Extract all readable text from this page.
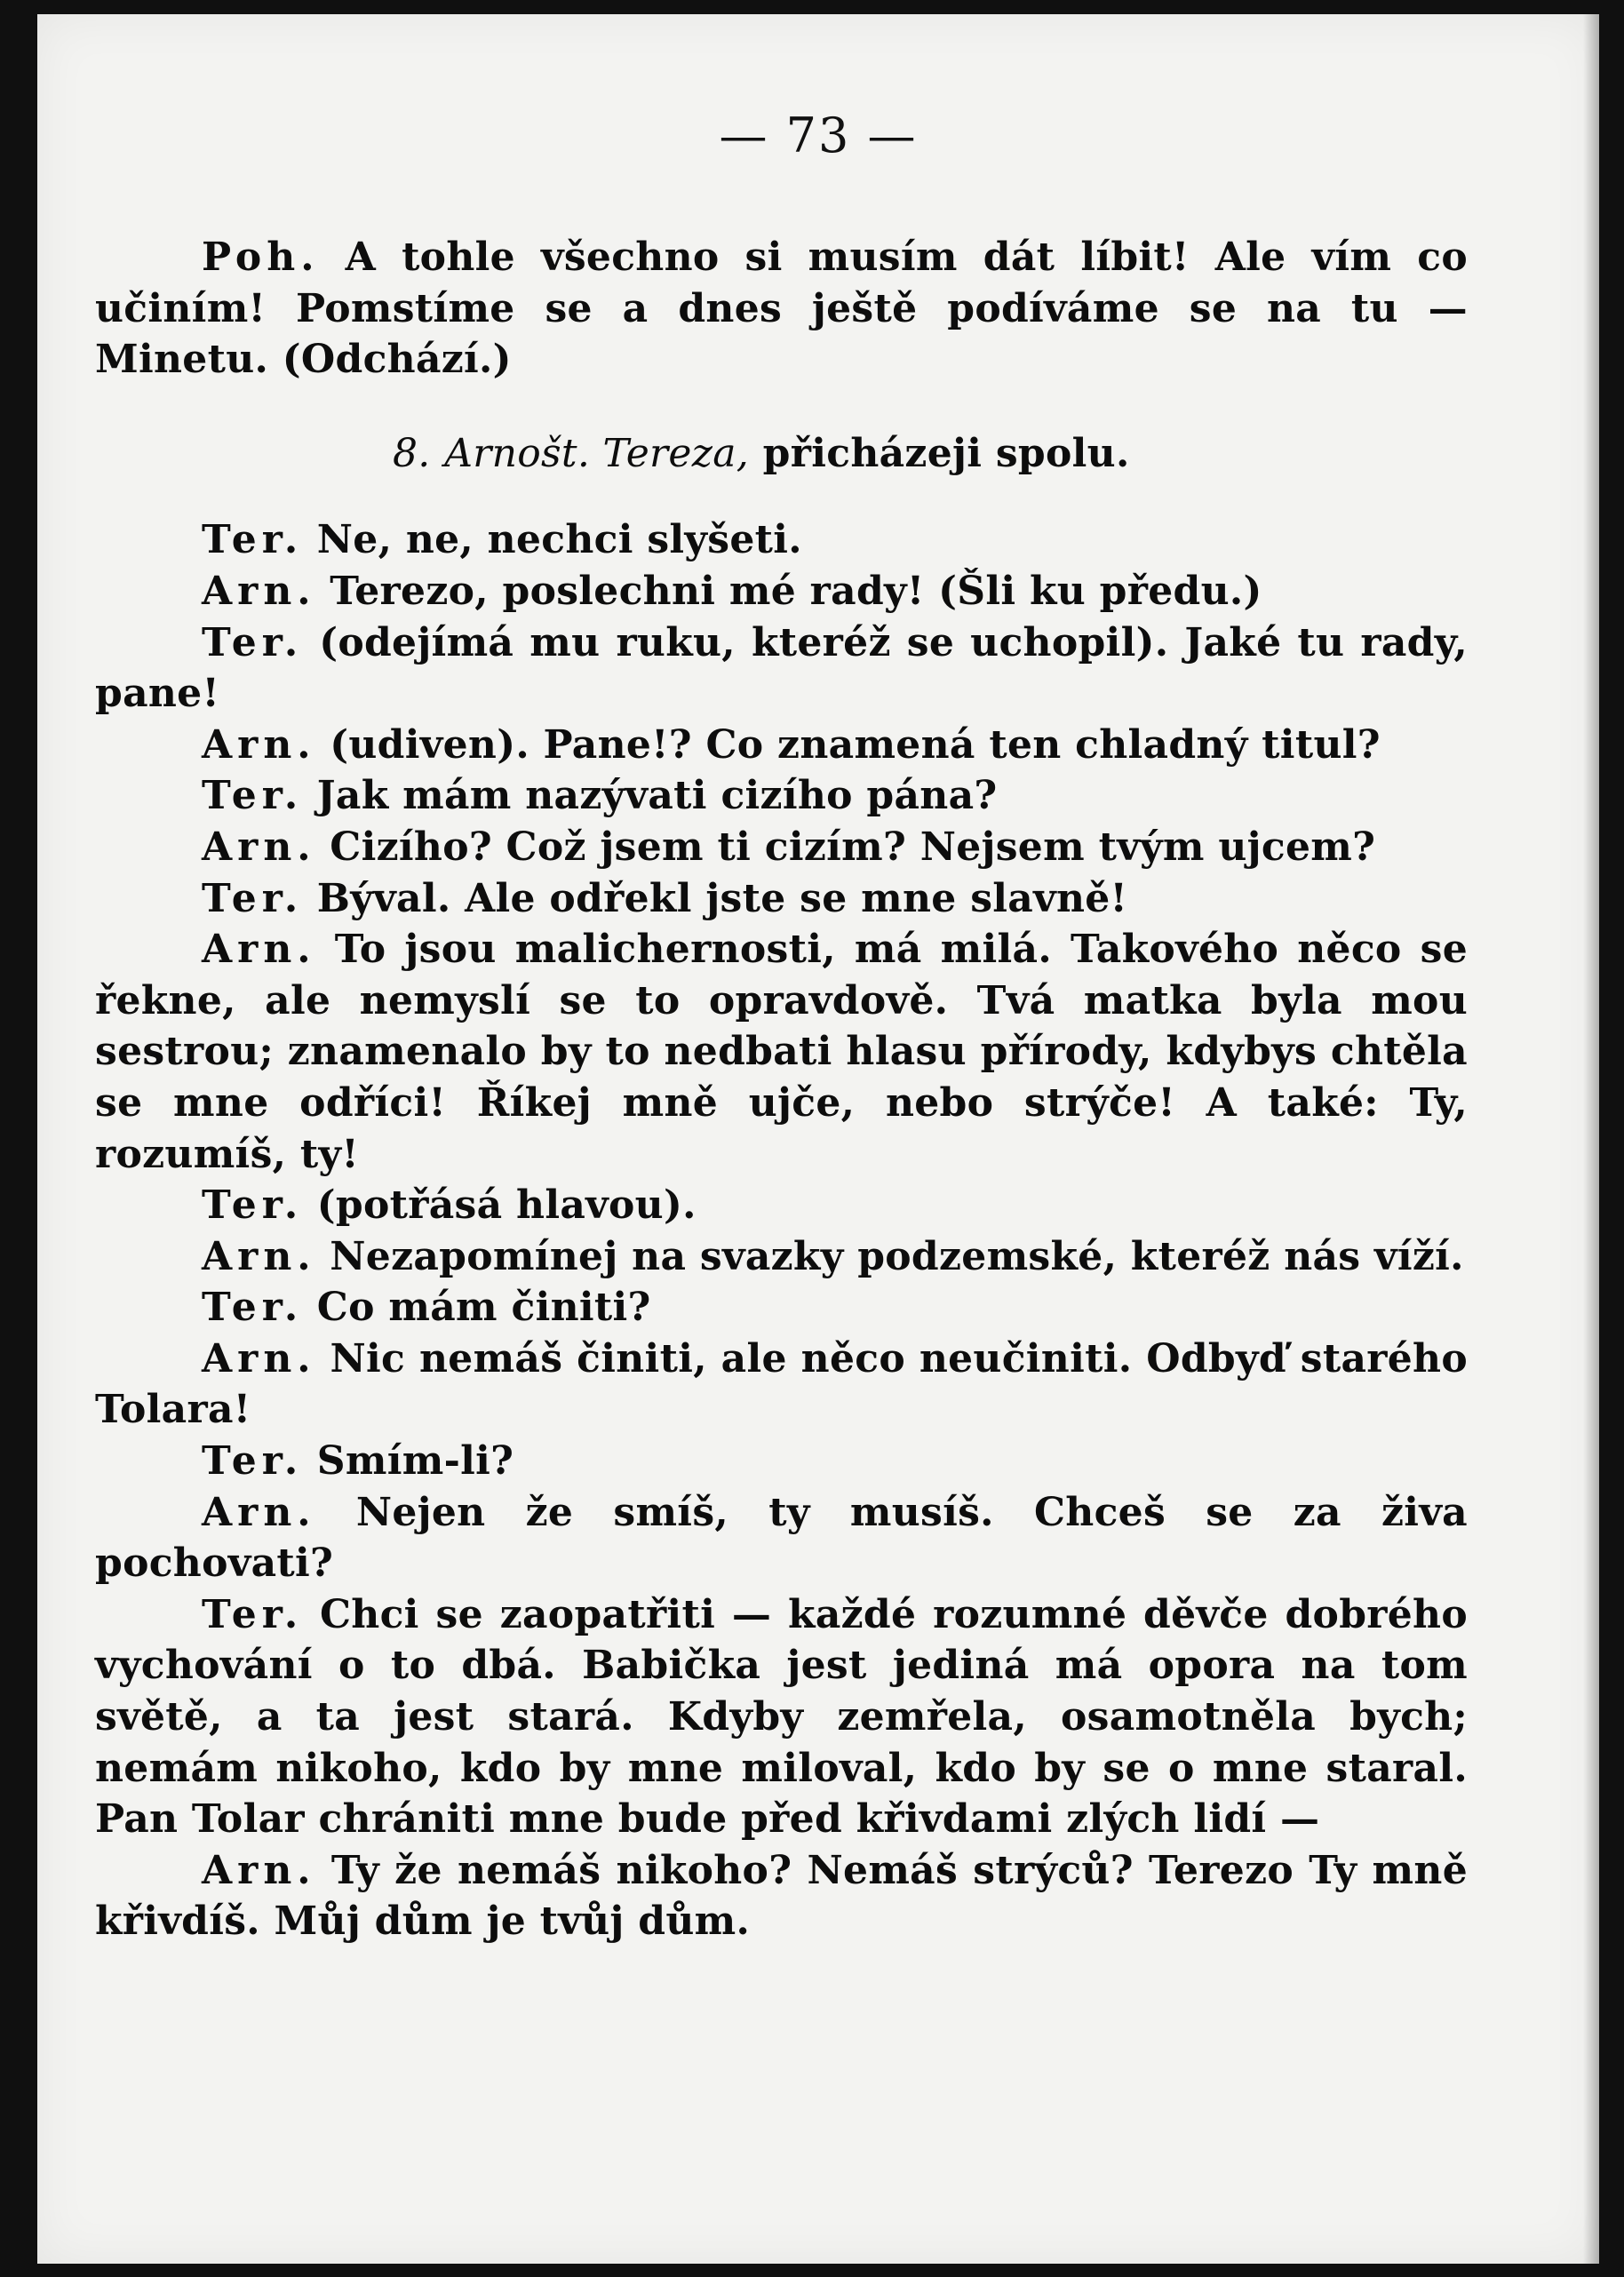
— 73 —

Poh. A tohle všechno si musím dát líbit! Ale vím co učiním! Pomstíme se a dnes ještě podíváme se na tu — Minetu. (Odchází.)

8. Arnošt. Tereza, přicházeji spolu.

Ter. Ne, ne, nechci slyšeti.

Arn. Terezo, poslechni mé rady! (Šli ku předu.)

Ter. (odejímá mu ruku, kteréž se uchopil). Jaké tu rady, pane!

Arn. (udiven). Pane!? Co znamená ten chladný titul?

Ter. Jak mám nazývati cizího pána?

Arn. Cizího? Což jsem ti cizím? Nejsem tvým ujcem?

Ter. Býval. Ale odřekl jste se mne slavně!

Arn. To jsou malichernosti, má milá. Takového něco se řekne, ale nemyslí se to opravdově. Tvá matka byla mou sestrou; znamenalo by to nedbati hlasu přírody, kdybys chtěla se mne odříci! Říkej mně ujče, nebo strýče! A také: Ty, rozumíš, ty!

Ter. (potřásá hlavou).

Arn. Nezapomínej na svazky podzemské, kteréž nás víží.

Ter. Co mám činiti?

Arn. Nic nemáš činiti, ale něco neučiniti. Odbyď starého Tolara!

Ter. Smím-li?

Arn. Nejen že smíš, ty musíš. Chceš se za živa pochovati?

Ter. Chci se zaopatřiti — každé rozumné děvče dobrého vychování o to dbá. Babička jest jediná má opora na tom světě, a ta jest stará. Kdyby zemřela, osamotněla bych; nemám nikoho, kdo by mne miloval, kdo by se o mne staral. Pan Tolar chrániti mne bude před křivdami zlých lidí —

Arn. Ty že nemáš nikoho? Nemáš strýců? Terezo Ty mně křivdíš. Můj dům je tvůj dům.
